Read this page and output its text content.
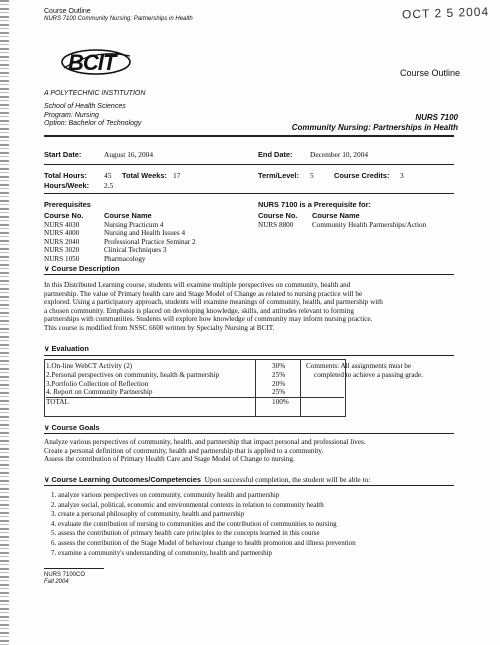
Course Outline
NURS 7100 Community Nursing: Partnerships in Health	OCT 2 5 2004
BCIT
A POLYTECHNIC INSTITUTION
Course Outline
School of Health Sciences
Program: Nursing
Option: Bachelor of Technology
NURS 7100
Community Nursing: Partnerships in Health
Start Date:	August 16, 2004	End Date: December 10, 2004
Total Hours: 45 Total Weeks: 17	Term/Level: 5	Course Credits: 3
Hours/Week: 2.5
Prerequisites
Course No.	Course Name
NURS 4030	Nursing Practicum 4
NURS 4000	Nursing and Health Issues 4
NURS 2040	Professional Practice Seminar 2
NURS 3020	Clinical Techniques 3
NURS 1050	Pharmacology
NURS 7100 is a Prerequisite for:
Course No. Course Name
NURS 8800	Community Health Partnerships/Action
∨ Course Description
In this Distributed Learning course, students will examine multiple perspectives on community, health and
partnership. The value of Primary health care and Stage Model of Change as related to nursing practice will be
explored. Using a participatory approach, students will examine meanings of community, health, and partnership with
a chosen community. Emphasis is placed on developing knowledge, skills, and attitudes relevant to forming
partnerships with communities. Students will explore how knowledge of community may inform nursing practice.
This course is modified from NSSC 6600 written by Specialty Nursing at BCIT.
∨ Evaluation
1.On-line WebCT Activity (2)	30%
2.Personal perspectives on community, health & partnership	25%
3.Portfolio Collection of Reflection	20%
4. Report on Community Partnership	25%
TOTAL	100%
Comments: All assignments must be
completed to achieve a passing grade.
∨ Course Goals
Analyze various perspectives of community, health, and partnership that impact personal and professional lives.
Create a personal definition of community, health and partnership that is applied to a community.
Assess the contribution of Primary Health Care and Stage Model of Change to nursing.
∨ Course Learning Outcomes/Competencies Upon successful completion, the student will be able to:
1. analyze various perspectives on community, community health and partnership
2. analyze social, political, economic and environmental contexts in relation to community health
3. create a personal philosophy of community, health and partnership
4. evaluate the contribution of nursing to communities and the contribution of communities to nursing
5. assess the contribution of primary health care principles to the concepts learned in this course
6. assess the contribution of the Stage Model of behaviour change to health promotion and illness prevention
7. examine a community's understanding of community, health and partnership
NURS 7100CO
Fall 2004
